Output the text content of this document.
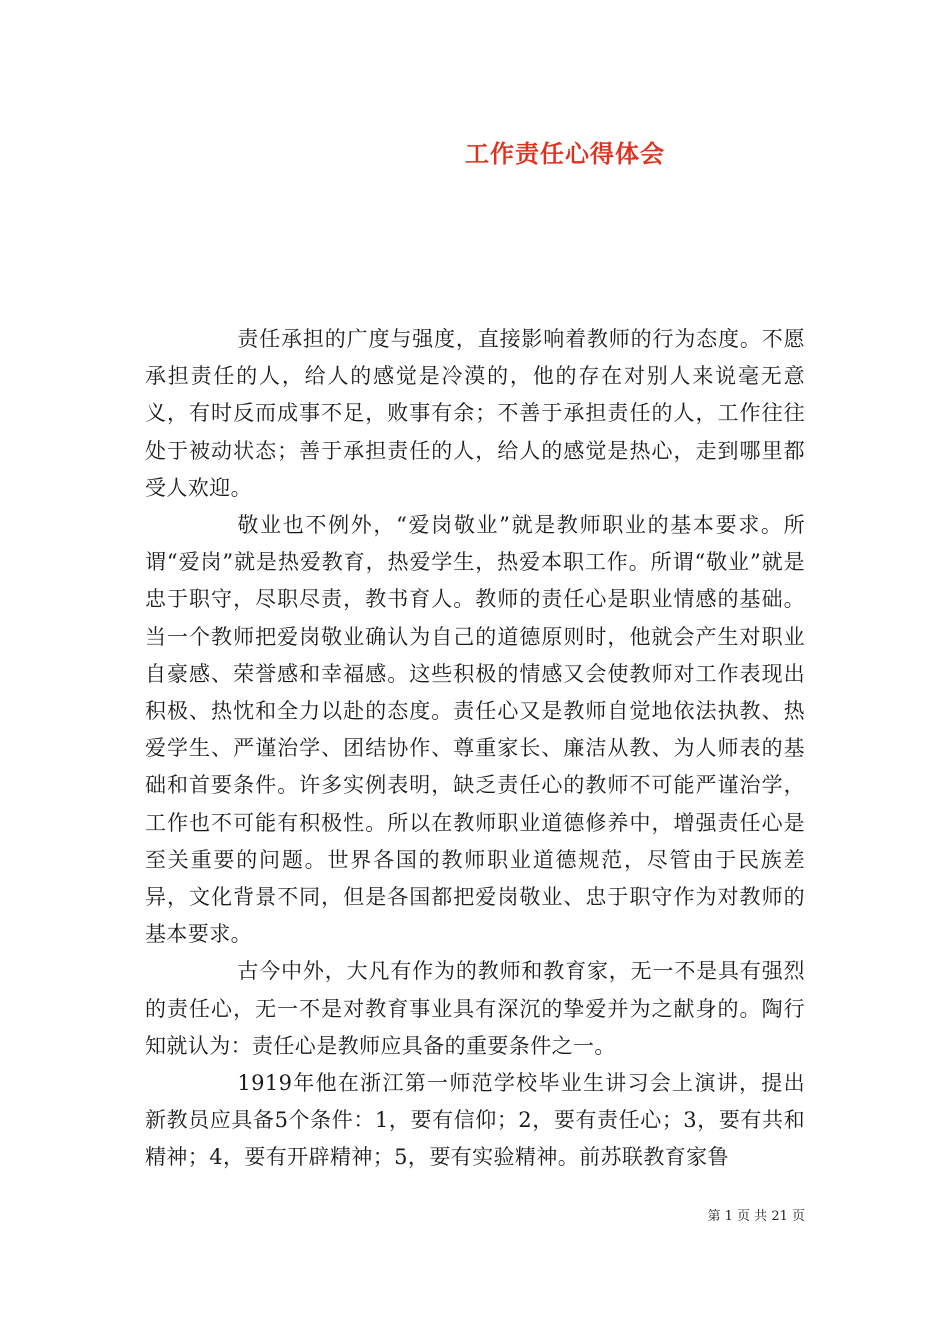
工作责任心得体会

责任承担的广度与强度，直接影响着教师的行为态度。不愿承担责任的人，给人的感觉是冷漠的，他的存在对别人来说毫无意义，有时反而成事不足，败事有余；不善于承担责任的人，工作往往处于被动状态；善于承担责任的人，给人的感觉是热心，走到哪里都受人欢迎。

敬业也不例外，“爱岗敬业”就是教师职业的基本要求。所谓“爱岗”就是热爱教育，热爱学生，热爱本职工作。所谓“敬业”就是忠于职守，尽职尽责，教书育人。教师的责任心是职业情感的基础。当一个教师把爱岗敬业确认为自己的道德原则时，他就会产生对职业自豪感、荣誉感和幸福感。这些积极的情感又会使教师对工作表现出积极、热忱和全力以赴的态度。责任心又是教师自觉地依法执教、热爱学生、严谨治学、团结协作、尊重家长、廉洁从教、为人师表的基础和首要条件。许多实例表明，缺乏责任心的教师不可能严谨治学，工作也不可能有积极性。所以在教师职业道德修养中，增强责任心是至关重要的问题。世界各国的教师职业道德规范，尽管由于民族差异，文化背景不同，但是各国都把爱岗敬业、忠于职守作为对教师的基本要求。

古今中外，大凡有作为的教师和教育家，无一不是具有强烈的责任心，无一不是对教育事业具有深沉的挚爱并为之献身的。陶行知就认为：责任心是教师应具备的重要条件之一。

1919年他在浙江第一师范学校毕业生讲习会上演讲，提出新教员应具备5个条件：1，要有信仰；2，要有责任心；3，要有共和精神；4，要有开辟精神；5，要有实验精神。前苏联教育家鲁

第 1 页 共 21 页
